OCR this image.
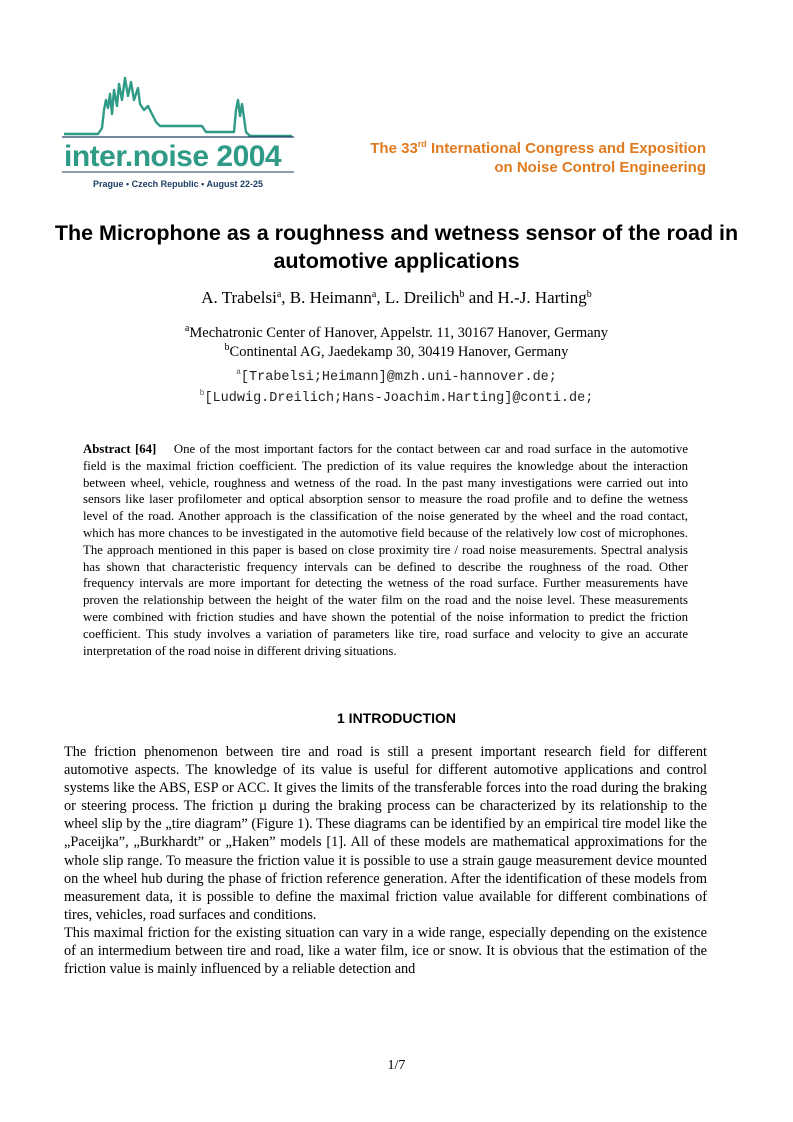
inter.noise 2004
Prague • Czech Republic • August 22-25
The 33rd International Congress and Exposition
on Noise Control Engineering
The Microphone as a roughness and wetness sensor of the road in automotive applications
A. Trabelsi$^a$, B. Heimann$^a$, L. Dreilich$^b$ and H.-J. Harting$^b$
$^a$Mechatronic Center of Hanover, Appelstr. 11, 30167 Hanover, Germany
$^b$Continental AG, Jaedekamp 30, 30419 Hanover, Germany
$^a$[Trabelsi;Heimann]@mzh.uni-hannover.de;
$^b$[Ludwig.Dreilich;Hans-Joachim.Harting]@conti.de;

Abstract [64] One of the most important factors for the contact between car and road surface in the automotive field is the maximal friction coefficient. The prediction of its value requires the knowledge about the interaction between wheel, vehicle, roughness and wetness of the road. In the past many investigations were carried out into sensors like laser profilometer and optical absorption sensor to measure the road profile and to define the wetness level of the road. Another approach is the classification of the noise generated by the wheel and the road contact, which has more chances to be investigated in the automotive field because of the relatively low cost of microphones. The approach mentioned in this paper is based on close proximity tire / road noise measurements. Spectral analysis has shown that characteristic frequency intervals can be defined to describe the roughness of the road. Other frequency intervals are more important for detecting the wetness of the road surface. Further measurements have proven the relationship between the height of the water film on the road and the noise level. These measurements were combined with friction studies and have shown the potential of the noise information to predict the friction coefficient. This study involves a variation of parameters like tire, road surface and velocity to give an accurate interpretation of the road noise in different driving situations.

1 INTRODUCTION

The friction phenomenon between tire and road is still a present important research field for different automotive aspects. The knowledge of its value is useful for different automotive applications and control systems like the ABS, ESP or ACC. It gives the limits of the transferable forces into the road during the braking or steering process. The friction µ during the braking process can be characterized by its relationship to the wheel slip by the „tire diagram” (Figure 1). These diagrams can be identified by an empirical tire model like the „Paceijka”, „Burkhardt” or „Haken” models [1]. All of these models are mathematical approximations for the whole slip range. To measure the friction value it is possible to use a strain gauge measurement device mounted on the wheel hub during the phase of friction reference generation. After the identification of these models from measurement data, it is possible to define the maximal friction value available for different combinations of tires, vehicles, road surfaces and conditions.

This maximal friction for the existing situation can vary in a wide range, especially depending on the existence of an intermedium between tire and road, like a water film, ice or snow. It is obvious that the estimation of the friction value is mainly influenced by a reliable detection and

1/7
